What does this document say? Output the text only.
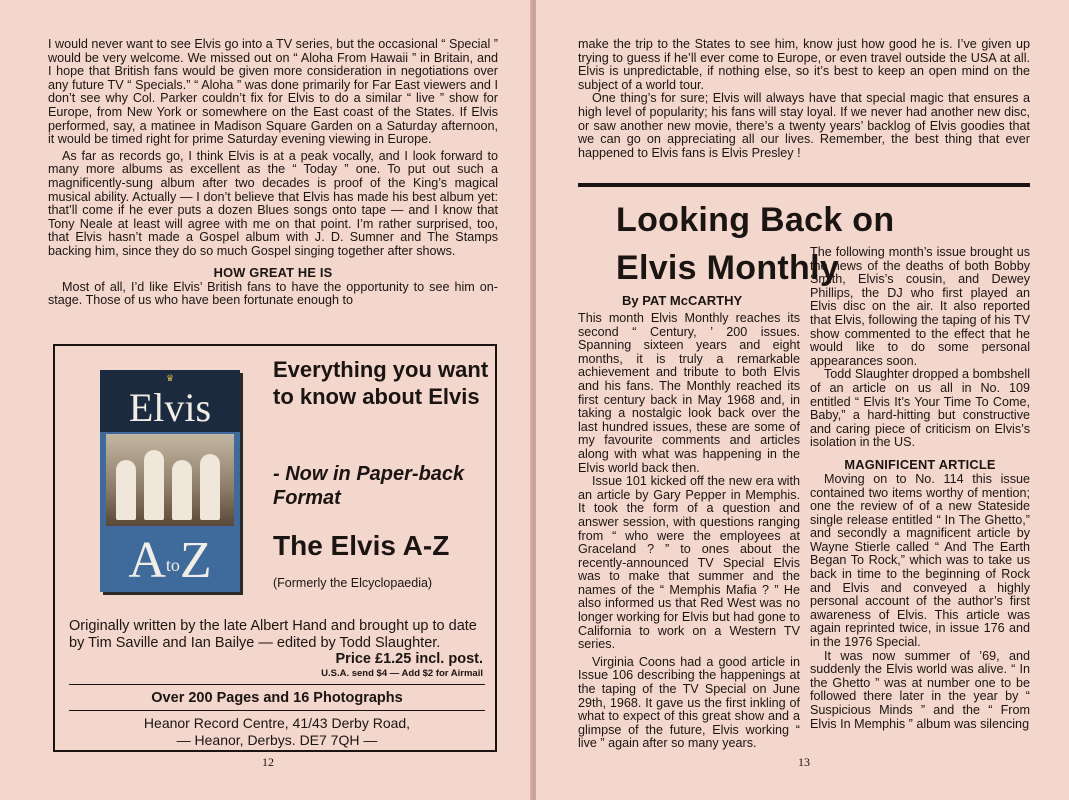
I would never want to see Elvis go into a TV series, but the occasional “ Special ” would be very welcome. We missed out on “ Aloha From Hawaii ” in Britain, and I hope that British fans would be given more consideration in negotiations over any future TV “ Specials.” “ Aloha ” was done primarily for Far East viewers and I don’t see why Col. Parker couldn’t fix for Elvis to do a similar “ live ” show for Europe, from New York or somewhere on the East coast of the States. If Elvis performed, say, a matinee in Madison Square Garden on a Saturday afternoon, it would be timed right for prime Saturday evening viewing in Europe.

As far as records go, I think Elvis is at a peak vocally, and I look forward to many more albums as excellent as the “ Today ” one. To put out such a magnificently-sung album after two decades is proof of the King’s magical musical ability. Actually — I don’t believe that Elvis has made his best album yet: that’ll come if he ever puts a dozen Blues songs onto tape — and I know that Tony Neale at least will agree with me on that point. I’m rather surprised, too, that Elvis hasn’t made a Gospel album with J. D. Sumner and The Stamps backing him, since they do so much Gospel singing together after shows.

HOW GREAT HE IS

Most of all, I’d like Elvis’ British fans to have the opportunity to see him on-stage. Those of us who have been fortunate enough to

♛
Elvis
AtoZ
Everything you want to know about Elvis
- Now in Paper-back Format
The Elvis A-Z
(Formerly the Elcyclopaedia)
Originally written by the late Albert Hand and brought up to date by Tim Saville and Ian Bailye — edited by Todd Slaughter.
Price £1.25 incl. post.
U.S.A. send $4 — Add $2 for Airmail
Over 200 Pages and 16 Photographs
Heanor Record Centre, 41/43 Derby Road,
— Heanor, Derbys. DE7 7QH —
12

make the trip to the States to see him, know just how good he is. I’ve given up trying to guess if he’ll ever come to Europe, or even travel outside the USA at all. Elvis is unpredictable, if nothing else, so it’s best to keep an open mind on the subject of a world tour.

One thing’s for sure; Elvis will always have that special magic that ensures a high level of popularity; his fans will stay loyal. If we never had another new disc, or saw another new movie, there’s a twenty years’ backlog of Elvis goodies that we can go on appreciating all our lives. Remember, the best thing that ever happened to Elvis fans is Elvis Presley !

Looking Back on Elvis Monthly
By PAT McCARTHY

This month Elvis Monthly reaches its second “ Century, ’ 200 issues. Spanning sixteen years and eight months, it is truly a remarkable achievement and tribute to both Elvis and his fans. The Monthly reached its first century back in May 1968 and, in taking a nostalgic look back over the last hundred issues, these are some of my favourite comments and articles along with what was happening in the Elvis world back then.

Issue 101 kicked off the new era with an article by Gary Pepper in Memphis. It took the form of a question and answer session, with questions ranging from “ who were the employees at Graceland ? ” to ones about the recently-announced TV Special Elvis was to make that summer and the names of the “ Memphis Mafia ? ” He also informed us that Red West was no longer working for Elvis but had gone to California to work on a Western TV series.

Virginia Coons had a good article in Issue 106 describing the happenings at the taping of the TV Special on June 29th, 1968. It gave us the first inkling of what to expect of this great show and a glimpse of the future, Elvis working “ live ” again after so many years.

The following month’s issue brought us the news of the deaths of both Bobby Smith, Elvis’s cousin, and Dewey Phillips, the DJ who first played an Elvis disc on the air. It also reported that Elvis, following the taping of his TV show commented to the effect that he would like to do some personal appearances soon.

Todd Slaughter dropped a bombshell of an article on us all in No. 109 entitled “ Elvis It’s Your Time To Come, Baby,” a hard-hitting but constructive and caring piece of criticism on Elvis’s isolation in the US.

MAGNIFICENT ARTICLE

Moving on to No. 114 this issue contained two items worthy of mention; one the review of of a new Stateside single release entitled “ In The Ghetto,” and secondly a magnificent article by Wayne Stierle called “ And The Earth Began To Rock,” which was to take us back in time to the beginning of Rock and Elvis and conveyed a highly personal account of the author’s first awareness of Elvis. This article was again reprinted twice, in issue 176 and in the 1976 Special.

It was now summer of ’69, and suddenly the Elvis world was alive. “ In the Ghetto ” was at number one to be followed there later in the year by “ Suspicious Minds ” and the “ From Elvis In Memphis ” album was silencing

13
